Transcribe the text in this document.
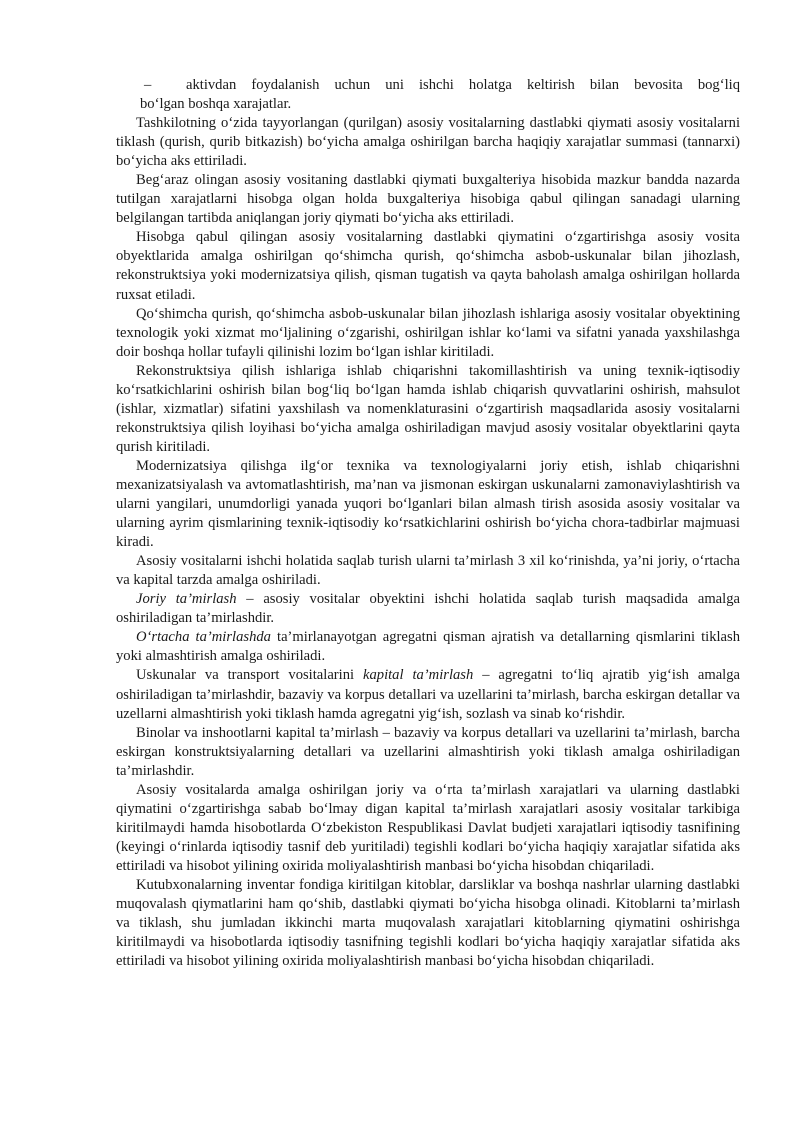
–	aktivdan foydalanish uchun uni ishchi holatga keltirish bilan bevosita bog‘liq

bo‘lgan boshqa xarajatlar.

Tashkilotning o‘zida tayyorlangan (qurilgan) asosiy vositalarning dastlabki qiymati asosiy vositalarni tiklash (qurish, qurib bitkazish) bo‘yicha amalga oshirilgan barcha haqiqiy xarajatlar summasi (tannarxi) bo‘yicha aks ettiriladi.

Beg‘araz olingan asosiy vositaning dastlabki qiymati buxgalteriya hisobida mazkur bandda nazarda tutilgan xarajatlarni hisobga olgan holda buxgalteriya hisobiga qabul qilingan sanadagi ularning belgilangan tartibda aniqlangan joriy qiymati bo‘yicha aks ettiriladi.

Hisobga qabul qilingan asosiy vositalarning dastlabki qiymatini o‘zgartirishga asosiy vosita obyektlarida amalga oshirilgan qo‘shimcha qurish, qo‘shimcha asbob-uskunalar bilan jihozlash, rekonstruktsiya yoki modernizatsiya qilish, qisman tugatish va qayta baholash amalga oshirilgan hollarda ruxsat etiladi.

Qo‘shimcha qurish, qo‘shimcha asbob-uskunalar bilan jihozlash ishlariga asosiy vositalar obyektining texnologik yoki xizmat mo‘ljalining o‘zgarishi, oshirilgan ishlar ko‘lami va sifatni yanada yaxshilashga doir boshqa hollar tufayli qilinishi lozim bo‘lgan ishlar kiritiladi.

Rekonstruktsiya qilish ishlariga ishlab chiqarishni takomillashtirish va uning texnik-iqtisodiy ko‘rsatkichlarini oshirish bilan bog‘liq bo‘lgan hamda ishlab chiqarish quvvatlarini oshirish, mahsulot (ishlar, xizmatlar) sifatini yaxshilash va nomenklaturasini o‘zgartirish maqsadlarida asosiy vositalarni rekonstruktsiya qilish loyihasi bo‘yicha amalga oshiriladigan mavjud asosiy vositalar obyektlarini qayta qurish kiritiladi.

Modernizatsiya qilishga ilg‘or texnika va texnologiyalarni joriy etish, ishlab chiqarishni mexanizatsiyalash va avtomatlashtirish, ma’nan va jismonan eskirgan uskunalarni zamonaviylashtirish va ularni yangilari, unumdorligi yanada yuqori bo‘lganlari bilan almash tirish asosida asosiy vositalar va ularning ayrim qismlarining texnik-iqtisodiy ko‘rsatkichlarini oshirish bo‘yicha chora-tadbirlar majmuasi kiradi.

Asosiy vositalarni ishchi holatida saqlab turish ularni ta’mirlash 3 xil ko‘rinishda, ya’ni joriy, o‘rtacha va kapital tarzda amalga oshiriladi.

Joriy ta’mirlash – asosiy vositalar obyektini ishchi holatida saqlab turish maqsadida amalga oshiriladigan ta’mirlashdir.

O‘rtacha ta’mirlashda ta’mirlanayotgan agregatni qisman ajratish va detallarning qismlarini tiklash yoki almashtirish amalga oshiriladi.

Uskunalar va transport vositalarini kapital ta’mirlash – agregatni to‘liq ajratib yig‘ish amalga oshiriladigan ta’mirlashdir, bazaviy va korpus detallari va uzellarini ta’mirlash, barcha eskirgan detallar va uzellarni almashtirish yoki tiklash hamda agregatni yig‘ish, sozlash va sinab ko‘rishdir.

Binolar va inshootlarni kapital ta’mirlash – bazaviy va korpus detallari va uzellarini ta’mirlash, barcha eskirgan konstruktsiyalarning detallari va uzellarini almashtirish yoki tiklash amalga oshiriladigan ta’mirlashdir.

Asosiy vositalarda amalga oshirilgan joriy va o‘rta ta’mirlash xarajatlari va ularning dastlabki qiymatini o‘zgartirishga sabab bo‘lmay digan kapital ta’mirlash xarajatlari asosiy vositalar tarkibiga kiritilmaydi hamda hisobotlarda O‘zbekiston Respublikasi Davlat budjeti xarajatlari iqtisodiy tasnifining (keyingi o‘rinlarda iqtisodiy tasnif deb yuritiladi) tegishli kodlari bo‘yicha haqiqiy xarajatlar sifatida aks ettiriladi va hisobot yilining oxirida moliyalashtirish manbasi bo‘yicha hisobdan chiqariladi.

Kutubxonalarning inventar fondiga kiritilgan kitoblar, darsliklar va boshqa nashrlar ularning dastlabki muqovalash qiymatlarini ham qo‘shib, dastlabki qiymati bo‘yicha hisobga olinadi. Kitoblarni ta’mirlash va tiklash, shu jumladan ikkinchi marta muqovalash xarajatlari kitoblarning qiymatini oshirishga kiritilmaydi va hisobotlarda iqtisodiy tasnifning tegishli kodlari bo‘yicha haqiqiy xarajatlar sifatida aks ettiriladi va hisobot yilining oxirida moliyalashtirish manbasi bo‘yicha hisobdan chiqariladi.
